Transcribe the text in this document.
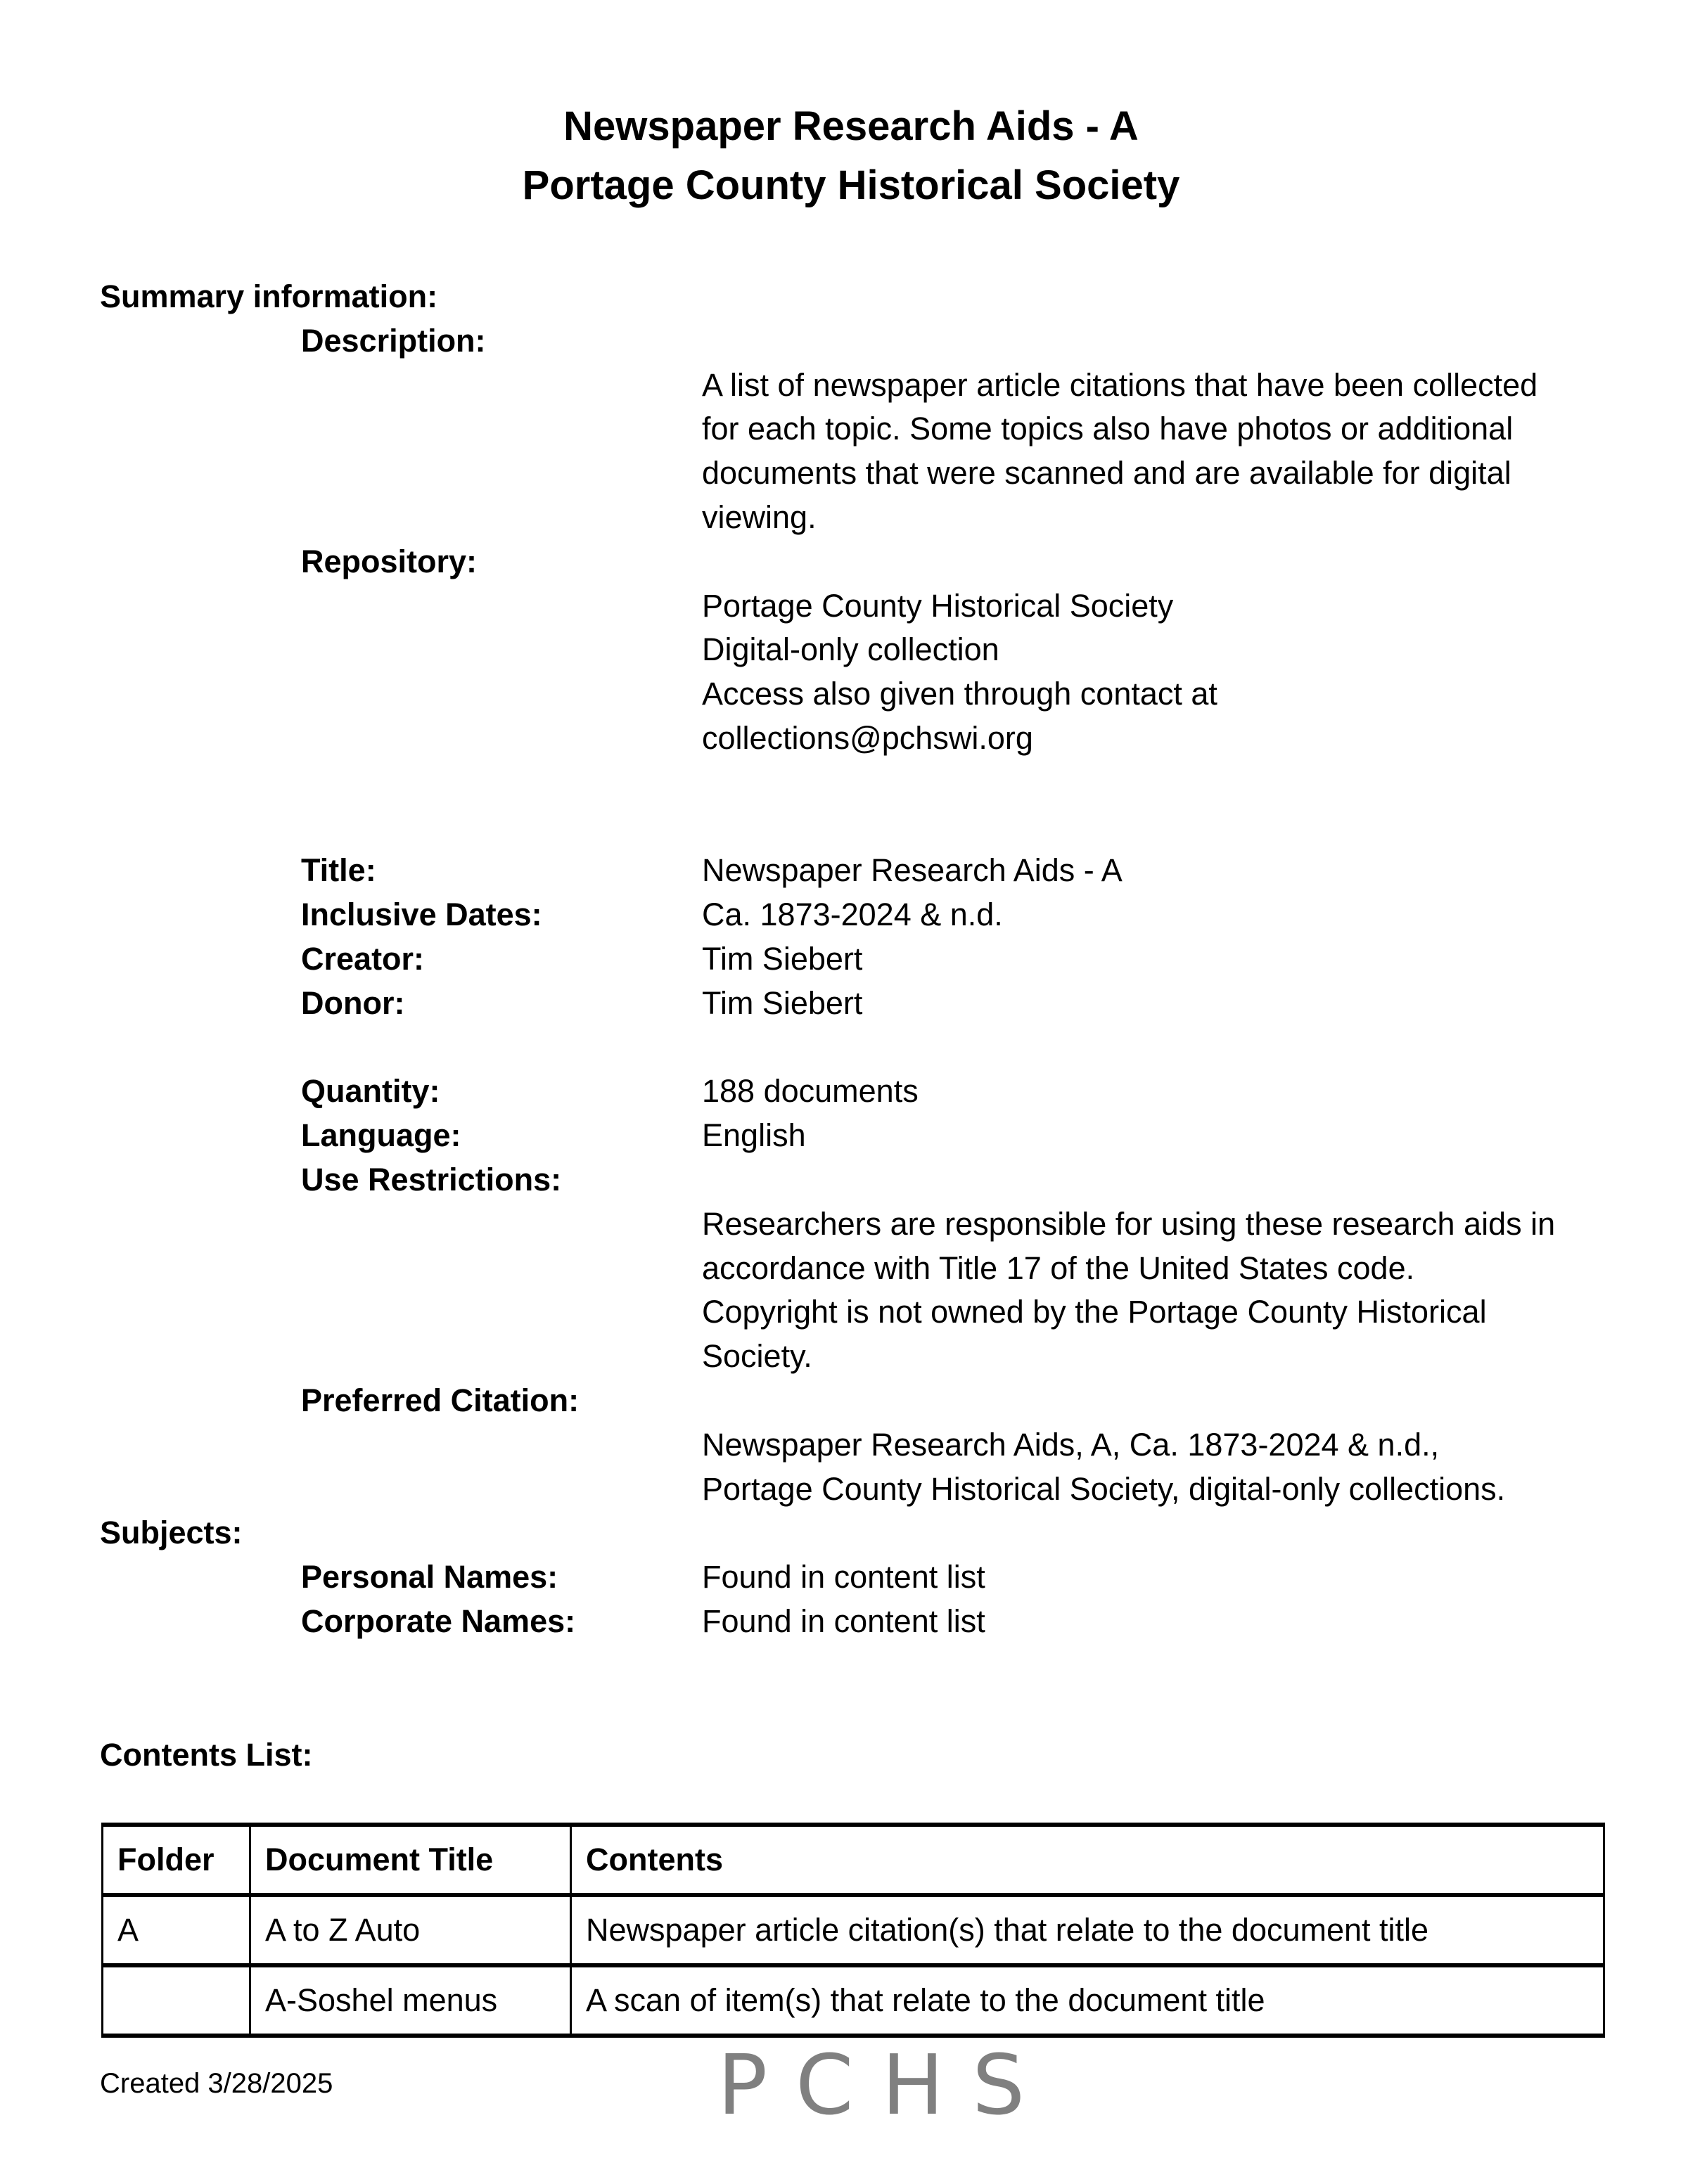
Newspaper Research Aids - A
Portage County Historical Society
Summary information:
Description:
A list of newspaper article citations that have been collected
for each topic. Some topics also have photos or additional
documents that were scanned and are available for digital
viewing.
Repository:
Portage County Historical Society
Digital-only collection
Access also given through contact at
collections@pchswi.org
Title:	Newspaper Research Aids - A
Inclusive Dates:	Ca. 1873-2024 & n.d.
Creator:	Tim Siebert
Donor:	Tim Siebert
Quantity:	188 documents
Language:	English
Use Restrictions:
Researchers are responsible for using these research aids in
accordance with Title 17 of the United States code.
Copyright is not owned by the Portage County Historical
Society.
Preferred Citation:
Newspaper Research Aids, A, Ca. 1873-2024 & n.d.,
Portage County Historical Society, digital-only collections.
Subjects:
Personal Names:	Found in content list
Corporate Names:	Found in content list
Contents List:
Folder	Document Title	Contents
A	A to Z Auto	Newspaper article citation(s) that relate to the document title
	A-Soshel menus	A scan of item(s) that relate to the document title
Created 3/28/2025	PCHS
